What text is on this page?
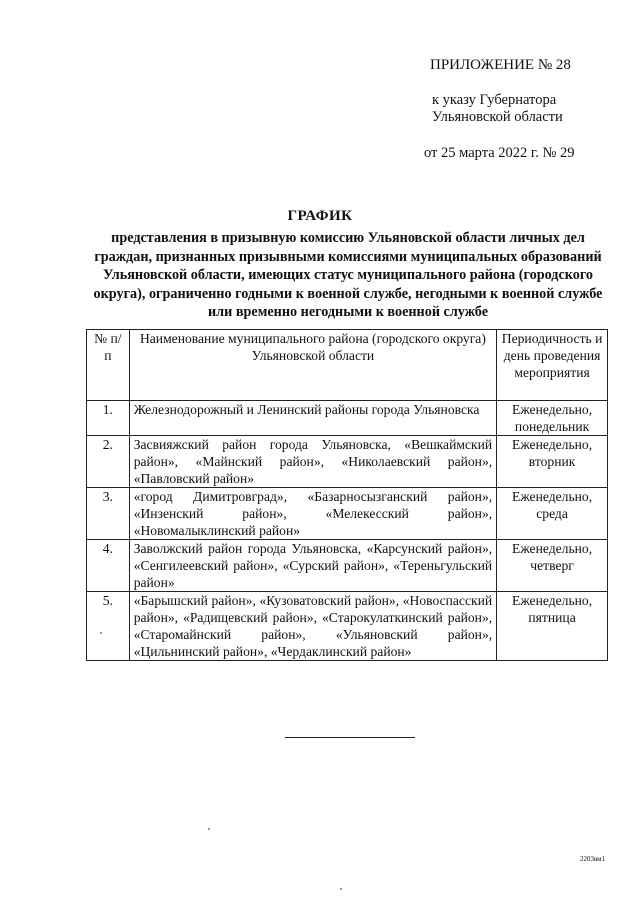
ПРИЛОЖЕНИЕ № 28
к указу Губернатора
Ульяновской области
от 25 марта 2022 г. № 29
ГРАФИК
представления в призывную комиссию Ульяновской области личных дел граждан, признанных призывными комиссиями муниципальных образований Ульяновской области, имеющих статус муниципального района (городского округа), ограниченно годными к военной службе, негодными к военной службе или временно негодными к военной службе
№ п/п	Наименование муниципального района (городского округа) Ульяновской области	Периодичность и день проведения мероприятия
1.	Железнодорожный и Ленинский районы города Ульяновска	Еженедельно, понедельник
2.	Засвияжский район города Ульяновска, «Вешкаймский район», «Майнский район», «Николаевский район», «Павловский район»	Еженедельно, вторник
3.	«город Димитровград», «Базарносызганский район», «Инзенский район», «Мелекесский район», «Новомалыклинский район»	Еженедельно, среда
4.	Заволжский район города Ульяновска, «Карсунский район», «Сенгилеевский район», «Сурский район», «Тереньгульский район»	Еженедельно, четверг
5.	«Барышский район», «Кузоватовский район», «Новоспасский район», «Радищевский район», «Старокулаткинский район», «Старомайнский район», «Ульяновский район», «Цильнинский район», «Чердаклинский район»	Еженедельно, пятница
2203вм1
